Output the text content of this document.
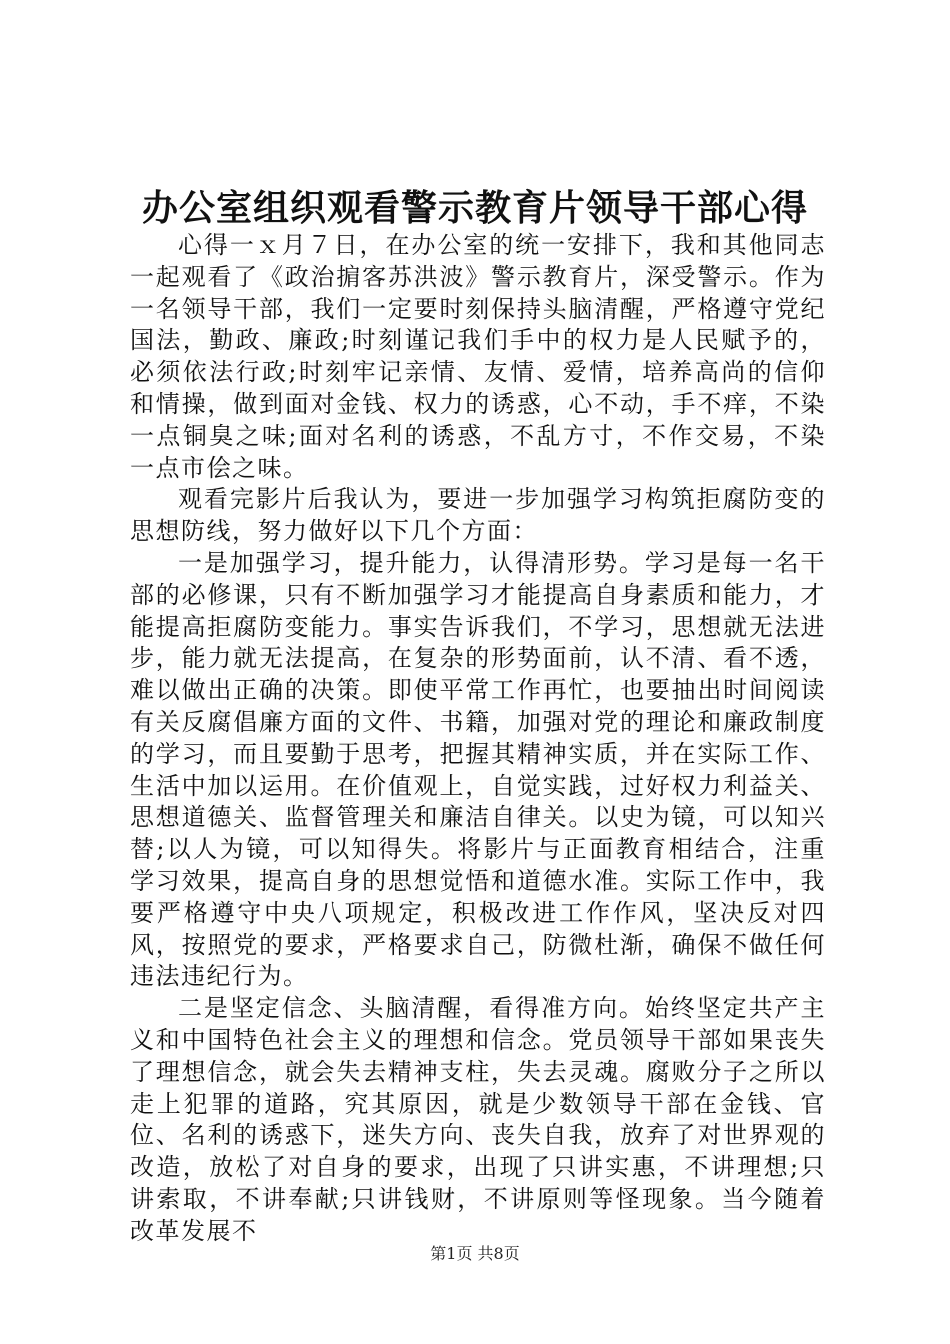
办公室组织观看警示教育片领导干部心得

心得一ｘ月７日，在办公室的统一安排下，我和其他同志一起观看了《政治掮客苏洪波》警示教育片，深受警示。作为一名领导干部，我们一定要时刻保持头脑清醒，严格遵守党纪国法，勤政、廉政;时刻谨记我们手中的权力是人民赋予的，必须依法行政;时刻牢记亲情、友情、爱情，培养高尚的信仰和情操，做到面对金钱、权力的诱惑，心不动，手不痒，不染一点铜臭之味;面对名利的诱惑，不乱方寸，不作交易，不染一点市侩之味。

观看完影片后我认为，要进一步加强学习构筑拒腐防变的思想防线，努力做好以下几个方面：

一是加强学习，提升能力，认得清形势。学习是每一名干部的必修课，只有不断加强学习才能提高自身素质和能力，才能提高拒腐防变能力。事实告诉我们，不学习，思想就无法进步，能力就无法提高，在复杂的形势面前，认不清、看不透，难以做出正确的决策。即使平常工作再忙，也要抽出时间阅读有关反腐倡廉方面的文件、书籍，加强对党的理论和廉政制度的学习，而且要勤于思考，把握其精神实质，并在实际工作、生活中加以运用。在价值观上，自觉实践，过好权力利益关、思想道德关、监督管理关和廉洁自律关。以史为镜，可以知兴替;以人为镜，可以知得失。将影片与正面教育相结合，注重学习效果，提高自身的思想觉悟和道德水准。实际工作中，我要严格遵守中央八项规定，积极改进工作作风，坚决反对四风，按照党的要求，严格要求自己，防微杜渐，确保不做任何违法违纪行为。

二是坚定信念、头脑清醒，看得准方向。始终坚定共产主义和中国特色社会主义的理想和信念。党员领导干部如果丧失了理想信念，就会失去精神支柱，失去灵魂。腐败分子之所以走上犯罪的道路，究其原因，就是少数领导干部在金钱、官位、名利的诱惑下，迷失方向、丧失自我，放弃了对世界观的改造，放松了对自身的要求，出现了只讲实惠，不讲理想;只讲索取，不讲奉献;只讲钱财，不讲原则等怪现象。当今随着改革发展不

第1页 共8页
